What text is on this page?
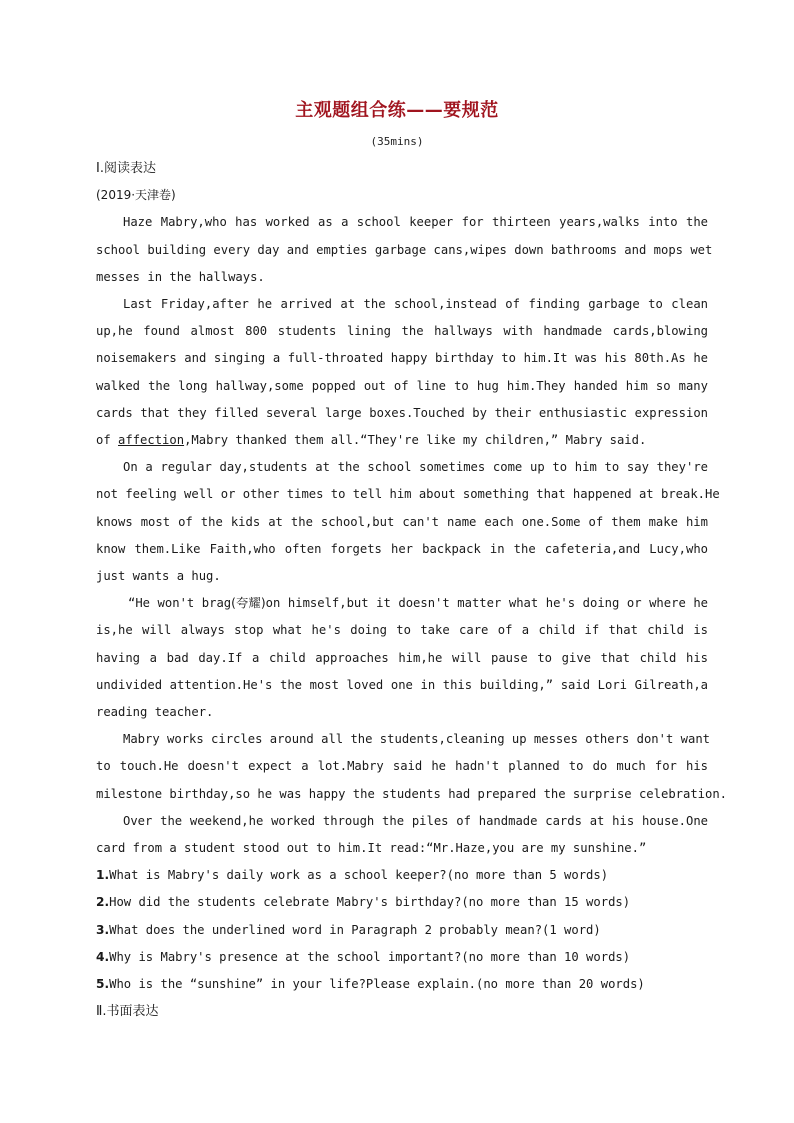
主观题组合练——要规范
(35mins)
Ⅰ.阅读表达
(2019·天津卷)
Haze Mabry,who has worked as a school keeper for thirteen years,walks into the
school building every day and empties garbage cans,wipes down bathrooms and mops wet
messes in the hallways.
Last Friday,after he arrived at the school,instead of finding garbage to clean
up,he found almost 800 students lining the hallways with handmade cards,blowing
noisemakers and singing a full-throated happy birthday to him.It was his 80th.As he
walked the long hallway,some popped out of line to hug him.They handed him so many
cards that they filled several large boxes.Touched by their enthusiastic expression
of affection,Mabry thanked them all.“They're like my children,” Mabry said.
On a regular day,students at the school sometimes come up to him to say they're
not feeling well or other times to tell him about something that happened at break.He
knows most of the kids at the school,but can't name each one.Some of them make him
know them.Like Faith,who often forgets her backpack in the cafeteria,and Lucy,who
just wants a hug.
“He won't brag(夸耀)on himself,but it doesn't matter what he's doing or where he
is,he will always stop what he's doing to take care of a child if that child is
having a bad day.If a child approaches him,he will pause to give that child his
undivided attention.He's the most loved one in this building,” said Lori Gilreath,a
reading teacher.
Mabry works circles around all the students,cleaning up messes others don't want
to touch.He doesn't expect a lot.Mabry said he hadn't planned to do much for his
milestone birthday,so he was happy the students had prepared the surprise celebration.
Over the weekend,he worked through the piles of handmade cards at his house.One
card from a student stood out to him.It read:“Mr.Haze,you are my sunshine.”
1.What is Mabry's daily work as a school keeper?(no more than 5 words)
2.How did the students celebrate Mabry's birthday?(no more than 15 words)
3.What does the underlined word in Paragraph 2 probably mean?(1 word)
4.Why is Mabry's presence at the school important?(no more than 10 words)
5.Who is the “sunshine” in your life?Please explain.(no more than 20 words)
Ⅱ.书面表达
